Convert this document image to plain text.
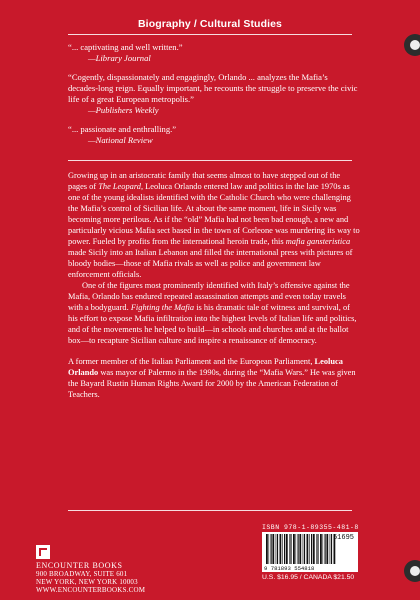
Biography / Cultural Studies
“... captivating and well written.”
—Library Journal
“Cogently, dispassionately and engagingly, Orlando ... analyzes the Mafia’s decades-long reign. Equally important, he recounts the struggle to preserve the civic life of a great European metropolis.”
—Publishers Weekly
“... passionate and enthralling.”
—National Review

Growing up in an aristocratic family that seems almost to have stepped out of the pages of The Leopard, Leoluca Orlando entered law and politics in the late 1970s as one of the young idealists identified with the Catholic Church who were challenging the Mafia’s control of Sicilian life. At about the same moment, life in Sicily was becoming more perilous. As if the “old” Mafia had not been bad enough, a new and particularly vicious Mafia sect based in the town of Corleone was murdering its way to power. Fueled by profits from the international heroin trade, this mafia gansteristica made Sicily into an Italian Lebanon and filled the international press with pictures of bloody bodies—those of Mafia rivals as well as police and government law enforcement officials.

One of the figures most prominently identified with Italy’s offensive against the Mafia, Orlando has endured repeated assassination attempts and even today travels with a bodyguard. Fighting the Mafia is his dramatic tale of witness and survival, of his effort to expose Mafia infiltration into the highest levels of Italian life and politics, and of the movements he helped to build—in schools and churches and at the ballot box—to recapture Sicilian culture and inspire a renaissance of democracy.

A former member of the Italian Parliament and the European Parliament, Leoluca Orlando was mayor of Palermo in the 1990s, during the “Mafia Wars.” He was given the Bayard Rustin Human Rights Award for 2000 by the American Federation of Teachers.

ENCOUNTER BOOKS
900 BROADWAY, SUITE 601
NEW YORK, NEW YORK 10003
WWW.ENCOUNTERBOOKS.COM
ISBN 978-1-89355-481-8
51695
9 781893 554818
U.S. $16.95 / CANADA $21.50
